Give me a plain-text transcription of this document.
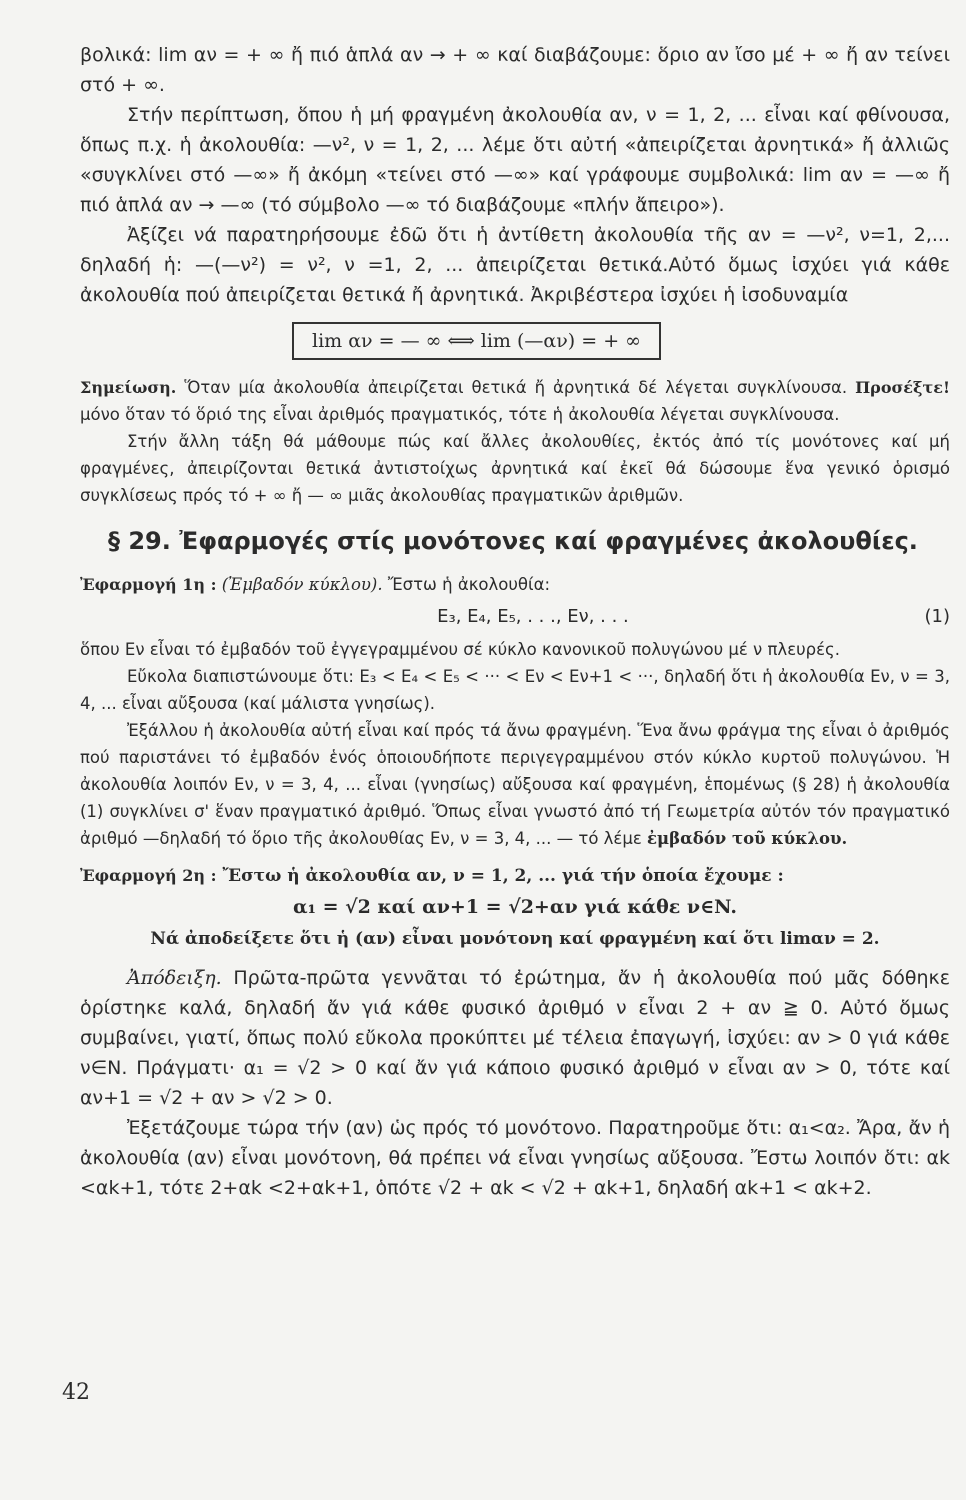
βολικά: lim αν = + ∞ ἤ πιό ἁπλά αν → + ∞ καί διαβάζουμε: ὅριο αν ἴσο μέ + ∞ ἤ αν τείνει στό + ∞.

Στήν περίπτωση, ὅπου ἡ μή φραγμένη ἀκολουθία αν, ν = 1, 2, ... εἶναι καί φθίνουσα, ὅπως π.χ. ἡ ἀκολουθία: —ν², ν = 1, 2, ... λέμε ὅτι αὐτή «ἀπειρίζεται ἀρνητικά» ἤ ἀλλιῶς «συγκλίνει στό —∞» ἤ ἀκόμη «τείνει στό —∞» καί γράφουμε συμβολικά: lim αν = —∞ ἤ πιό ἁπλά αν → —∞ (τό σύμβολο —∞ τό διαβάζουμε «πλήν ἄπειρο»).

Ἀξίζει νά παρατηρήσουμε ἐδῶ ὅτι ἡ ἀντίθετη ἀκολουθία τῆς αν = —ν², ν=1, 2,... δηλαδή ἡ: —(—ν²) = ν², ν =1, 2, ... ἀπειρίζεται θετικά.Αὐτό ὅμως ἰσχύει γιά κάθε ἀκολουθία πού ἀπειρίζεται θετικά ἤ ἀρνητικά. Ἀκριβέστερα ἰσχύει ἡ ἰσοδυναμία

lim αν = — ∞ ⟺ lim (—αν) = + ∞

Σημείωση. Ὅταν μία ἀκολουθία ἀπειρίζεται θετικά ἤ ἀρνητικά δέ λέγεται συγκλίνουσα. Προσέξτε! μόνο ὅταν τό ὅριό της εἶναι ἀριθμός πραγματικός, τότε ἡ ἀκολουθία λέγεται συγκλίνουσα.

Στήν ἄλλη τάξη θά μάθουμε πώς καί ἄλλες ἀκολουθίες, ἐκτός ἀπό τίς μονότονες καί μή φραγμένες, ἀπειρίζονται θετικά ἀντιστοίχως ἀρνητικά καί ἐκεῖ θά δώσουμε ἕνα γενικό ὁρισμό συγκλίσεως πρός τό + ∞ ἤ — ∞ μιᾶς ἀκολουθίας πραγματικῶν ἀριθμῶν.

§ 29. Ἐφαρμογές στίς μονότονες καί φραγμένες ἀκολουθίες.

Ἐφαρμογή 1η : (Ἐμβαδόν κύκλου). Ἔστω ἡ ἀκολουθία:

E₃, E₄, E₅, . . ., Eν, . . .	(1)

ὅπου Eν εἶναι τό ἐμβαδόν τοῦ ἐγγεγραμμένου σέ κύκλο κανονικοῦ πολυγώνου μέ ν πλευρές.

Εὔκολα διαπιστώνουμε ὅτι: E₃ < E₄ < E₅ < ··· < Eν < Eν+1 < ···, δηλαδή ὅτι ἡ ἀκολουθία Eν, ν = 3, 4, ... εἶναι αὔξουσα (καί μάλιστα γνησίως).

Ἐξάλλου ἡ ἀκολουθία αὐτή εἶναι καί πρός τά ἄνω φραγμένη. Ἕνα ἄνω φράγμα της εἶναι ὁ ἀριθμός πού παριστάνει τό ἐμβαδόν ἑνός ὁποιουδήποτε περιγεγραμμένου στόν κύκλο κυρτοῦ πολυγώνου. Ἡ ἀκολουθία λοιπόν Eν, ν = 3, 4, ... εἶναι (γνησίως) αὔξουσα καί φραγμένη, ἑπομένως (§ 28) ἡ ἀκολουθία (1) συγκλίνει σ' ἕναν πραγματικό ἀριθμό. Ὅπως εἶναι γνωστό ἀπό τή Γεωμετρία αὐτόν τόν πραγματικό ἀριθμό —δηλαδή τό ὅριο τῆς ἀκολουθίας Eν, ν = 3, 4, ... — τό λέμε ἐμβαδόν τοῦ κύκλου.

Ἐφαρμογή 2η : Ἔστω ἡ ἀκολουθία αν, ν = 1, 2, ... γιά τήν ὁποία ἔχουμε :

α₁ = √2 καί αν+1 = √2+αν γιά κάθε ν∈N.
Νά ἀποδείξετε ὅτι ἡ (αν) εἶναι μονότονη καί φραγμένη καί ὅτι limαν = 2.

Ἀπόδειξη. Πρῶτα-πρῶτα γεννᾶται τό ἐρώτημα, ἄν ἡ ἀκολουθία πού μᾶς δόθηκε ὁρίστηκε καλά, δηλαδή ἄν γιά κάθε φυσικό ἀριθμό ν εἶναι 2 + αν ≧ 0. Αὐτό ὅμως συμβαίνει, γιατί, ὅπως πολύ εὔκολα προκύπτει μέ τέλεια ἐπαγωγή, ἰσχύει: αν > 0 γιά κάθε ν∈N. Πράγματι· α₁ = √2 > 0 καί ἄν γιά κάποιο φυσικό ἀριθμό ν εἶναι αν > 0, τότε καί αν+1 = √2 + αν > √2 > 0.

Ἐξετάζουμε τώρα τήν (αν) ὡς πρός τό μονότονο. Παρατηροῦμε ὅτι: α₁<α₂. Ἄρα, ἄν ἡ ἀκολουθία (αν) εἶναι μονότονη, θά πρέπει νά εἶναι γνησίως αὔξουσα. Ἔστω λοιπόν ὅτι: αk <αk+1, τότε 2+αk <2+αk+1, ὁπότε √2 + αk < √2 + αk+1, δηλαδή αk+1 < αk+2.

42
